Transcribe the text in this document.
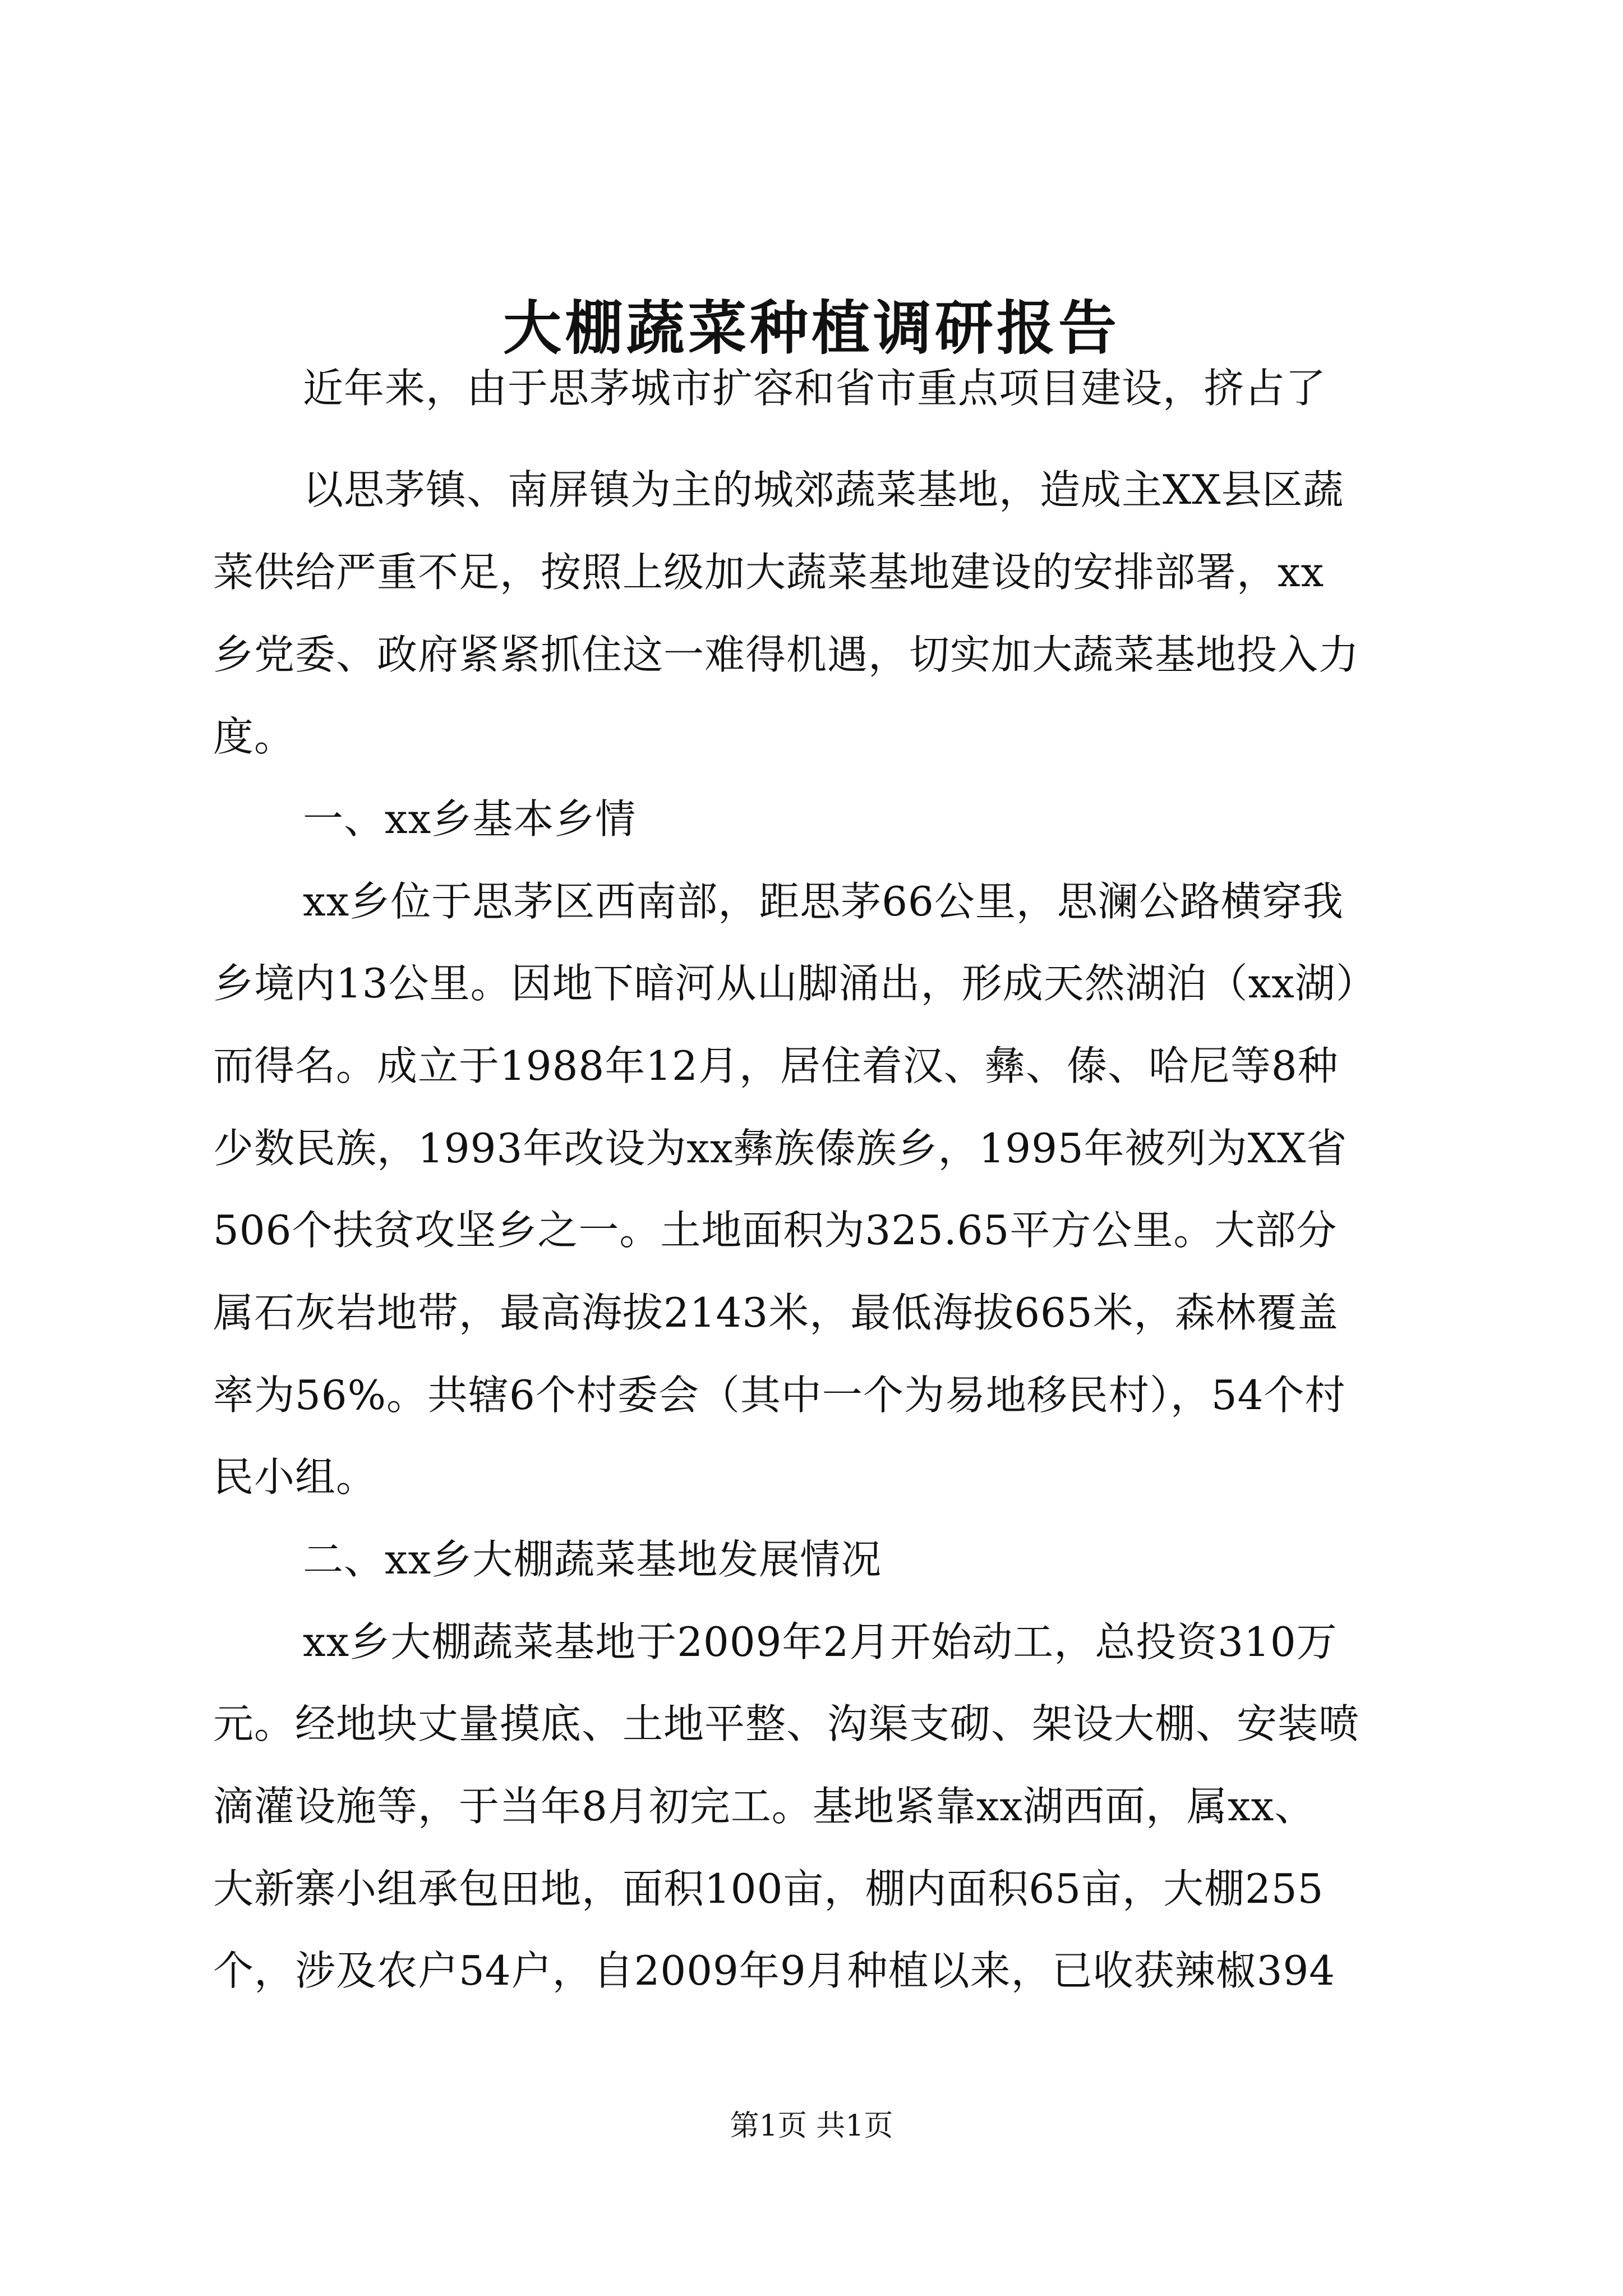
大棚蔬菜种植调研报告
近年来，由于思茅城市扩容和省市重点项目建设，挤占了
以思茅镇、南屏镇为主的城郊蔬菜基地，造成主XX县区蔬
菜供给严重不足，按照上级加大蔬菜基地建设的安排部署，xx
乡党委、政府紧紧抓住这一难得机遇，切实加大蔬菜基地投入力
度。
一、xx乡基本乡情
xx乡位于思茅区西南部，距思茅66公里，思澜公路横穿我
乡境内13公里。因地下暗河从山脚涌出，形成天然湖泊（xx湖）
而得名。成立于1988年12月，居住着汉、彝、傣、哈尼等8种
少数民族，1993年改设为xx彝族傣族乡，1995年被列为XX省
506个扶贫攻坚乡之一。土地面积为325.65平方公里。大部分
属石灰岩地带，最高海拔2143米，最低海拔665米，森林覆盖
率为56%。共辖6个村委会（其中一个为易地移民村），54个村
民小组。
二、xx乡大棚蔬菜基地发展情况
xx乡大棚蔬菜基地于2009年2月开始动工，总投资310万
元。经地块丈量摸底、土地平整、沟渠支砌、架设大棚、安装喷
滴灌设施等，于当年8月初完工。基地紧靠xx湖西面，属xx、
大新寨小组承包田地，面积100亩，棚内面积65亩，大棚255
个，涉及农户54户，自2009年9月种植以来，已收获辣椒394
第1页 共1页
